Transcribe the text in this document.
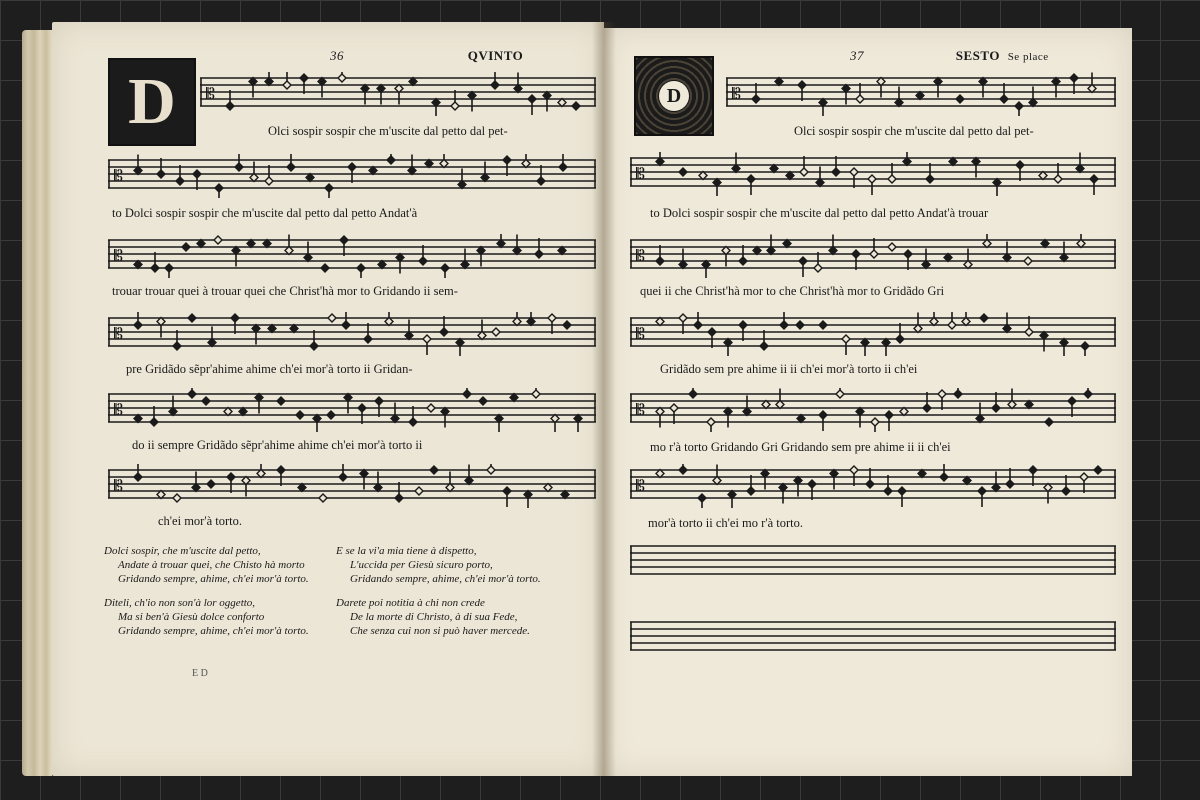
36	QVINTO
D 𝄡
Olci sospir sospir che m'uscite dal petto dal pet-
𝄡
to Dolci sospir sospir che m'uscite dal petto dal petto Andat'à
𝄡
trouar trouar quei à trouar quei che Christ'hà mor to Gridando ii sem-
𝄡
pre Gridãdo sẽpr'ahime ahime ch'ei mor'à torto ii Gridan-
𝄡
do ii sempre Gridãdo sẽpr'ahime ahime ch'ei mor'à torto ii
𝄡
ch'ei mor'à torto.
Dolci sospir, che m'uscite dal petto,
Andate à trouar quei, che Chisto hà morto
Gridando sempre, ahime, ch'ei mor'à torto.
E se la vi'a mia tiene à dispetto,
L'uccida per Giesù sicuro porto,
Gridando sempre, ahime, ch'ei mor'à torto.
Diteli, ch'io non son'à lor oggetto,
Ma si ben'à Giesù dolce conforto
Gridando sempre, ahime, ch'ei mor'à torto.
Darete poi notitia à chi non crede
De la morte di Christo, à di sua Fede,
Che senza cui non si può haver mercede.
E D
37	SESTO Se place
D	𝄡
Olci sospir sospir che m'uscite dal petto dal pet-
𝄡
to Dolci sospir sospir che m'uscite dal petto dal petto Andat'à trouar
𝄡
quei ii che Christ'hà mor to che Christ'hà mor to Gridãdo Gri
𝄡
Gridãdo sem pre ahime ii ii ch'ei mor'à torto ii ch'ei
𝄡
mo r'à torto Gridando Gri Gridando sem pre ahime ii ii ch'ei
𝄡
mor'à torto ii ch'ei mo r'à torto.
